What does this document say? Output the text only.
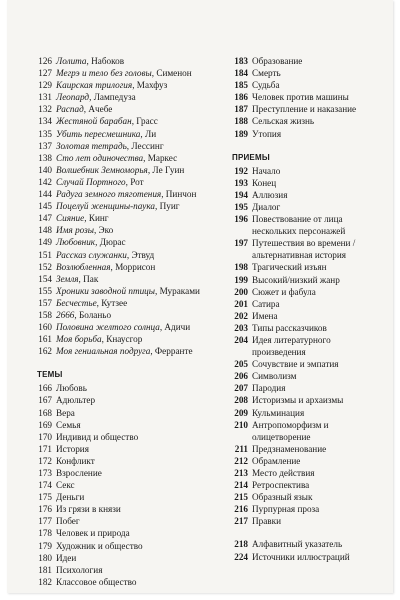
126 Лолита, Набоков
127 Мегрэ и тело без головы, Сименон
129 Каирская трилогия, Махфуз
131 Леопард, Лампедуза
132 Распад, Ачебе
134 Жестяной барабан, Грасс
135 Убить пересмешника, Ли
137 Золотая тетрадь, Лессинг
138 Сто лет одиночества, Маркес
140 Волшебник Земноморья, Ле Гуин
142 Случай Портного, Рот
144 Радуга земного тяготения, Пинчон
145 Поцелуй женщины-паука, Пуиг
147 Сияние, Кинг
148 Имя розы, Эко
149 Любовник, Дюрас
151 Рассказ служанки, Этвуд
152 Возлюбленная, Моррисон
154 Земля, Пак
155 Хроники заводной птицы, Мураками
157 Бесчестье, Кутзее
158 2666, Боланьо
160 Половина желтого солнца, Адичи
161 Моя борьба, Кнаусгор
162 Моя гениальная подруга, Ферранте
ТЕМЫ
166 Любовь
167 Адюльтер
168 Вера
169 Семья
170 Индивид и общество
171 История
172 Конфликт
173 Взросление
174 Секс
175 Деньги
176 Из грязи в князи
177 Побег
178 Человек и природа
179 Художник и общество
180 Идеи
181 Психология
182 Классовое общество
183 Образование
184 Смерть
185 Судьба
186 Человек против машины
187 Преступление и наказание
188 Сельская жизнь
189 Утопия
ПРИЕМЫ
192 Начало
193 Конец
194 Аллюзия
195 Диалог
196 Повествование от лица нескольких персонажей
197 Путешествия во времени / альтернативная история
198 Трагический изъян
199 Высокий/низкий жанр
200 Сюжет и фабула
201 Сатира
202 Имена
203 Типы рассказчиков
204 Идея литературного произведения
205 Сочувствие и эмпатия
206 Символизм
207 Пародия
208 Историзмы и архаизмы
209 Кульминация
210 Антропоморфизм и олицетворение
211 Предзнаменование
212 Обрамление
213 Место действия
214 Ретроспектива
215 Образный язык
216 Пурпурная проза
217 Правки
218 Алфавитный указатель
224 Источники иллюстраций
